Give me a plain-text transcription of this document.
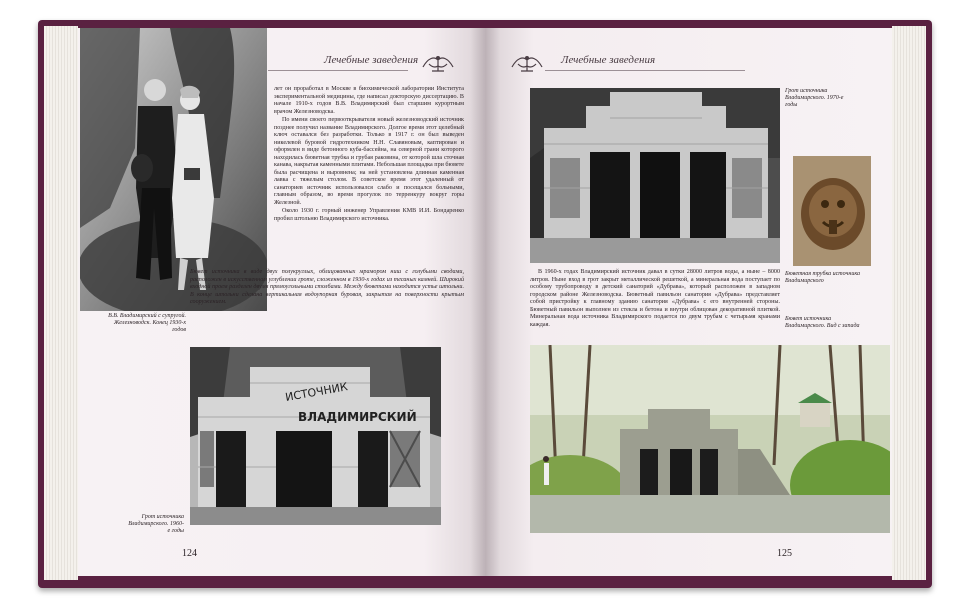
Лечебные заведения

лет он проработал в Москве в биохимической лаборатории Института экспериментальной медицины, где написал докторскую диссертацию. В начале 1910-х годов В.В. Владимирский был старшим курортным врачом Железноводска.

По имени своего первооткрывателя новый железноводский источник позднее получил название Владимирского. Долгое время этот целебный ключ оставался без разработки. Только в 1917 г. он был выведен никелевой буровой гидротехником Н.Н. Славяновым, каптирован и оформлен в виде бетонного куба-бассейна, на северной грани которого находилась бюветная трубка и грубая раковина, от которой шла сточная канава, накрытая каменными плитами. Небольшая площадка при бювете была расчищена и выровнена; на ней установлена длинная каменная лавка с тяжелым столом. В советское время этот удаленный от санаториев источник использовался слабо и посещался больными, главным образом, во время прогулок по терренкуру вокруг горы Железной.

Около 1930 г. горный инженер Управления КМВ И.И. Бондаренко пробил штольню Владимирского источника.

Бювет источника в виде двух полукруглых, облицованных мрамором ниш с голубыми сводами, расположен в искусственном углублении гроте, сложенном в 1930-х годах из тесаных камней. Широкий входной проем разделен двумя прямоугольными столбами. Между бюветами находится устье штольни. В конце штольни сделана вертикальная водоупорная буровая, закрытая на поверхности крытым сооружением.
В.В. Владимирский с супругой. Железноводск. Конец 1930-х годов
ИСТОЧНИК
ВЛАДИМИРСКИЙ
Грот источника Владимирского. 1960-е годы
124
Лечебные заведения
Грот источника Владимирского. 1970-е годы
Бюветная трубка источника Владимирского
Бювет источника Владимирского. Вид с запада

В 1960-х годах Владимирский источник давал в сутки 28000 литров воды, а ныне – 8000 литров. Ныне вход в грот закрыт металлической решеткой, а минеральная вода поступает по особому трубопроводу в детский санаторий «Дубрава», который расположен в западном городском районе Железноводска. Бюветный павильон санатория «Дубрава» представляет собой пристройку к главному зданию санатория «Дубрава» с его внутренней стороны. Бюветный павильон выполнен из стекла и бетона и внутри облицован декоративной плиткой. Минеральная вода источника Владимирского подается по двум трубам с четырьмя кранами каждая.

125
